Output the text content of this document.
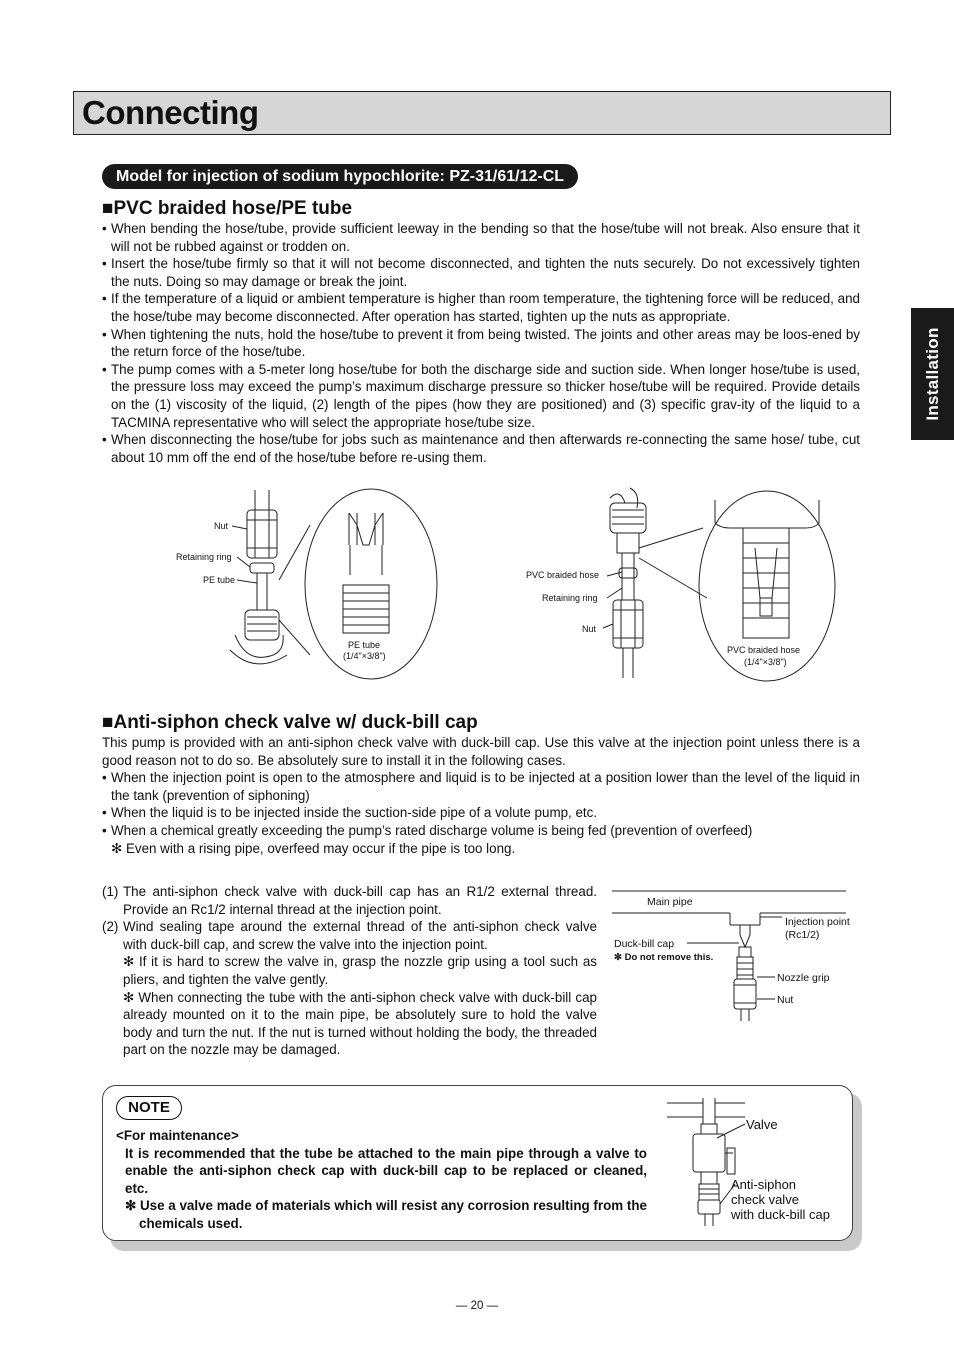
Connecting
Model for injection of sodium hypochlorite: PZ-31/61/12-CL
Installation
■PVC braided hose/PE tube
• When bending the hose/tube, provide sufficient leeway in the bending so that the hose/tube will not break. Also ensure that it will not be rubbed against or trodden on.
• Insert the hose/tube firmly so that it will not become disconnected, and tighten the nuts securely. Do not excessively tighten the nuts. Doing so may damage or break the joint.
• If the temperature of a liquid or ambient temperature is higher than room temperature, the tightening force will be reduced, and the hose/tube may become disconnected. After operation has started, tighten up the nuts as appropriate.
• When tightening the nuts, hold the hose/tube to prevent it from being twisted. The joints and other areas may be loos-ened by the return force of the hose/tube.
• The pump comes with a 5-meter long hose/tube for both the discharge side and suction side. When longer hose/tube is used, the pressure loss may exceed the pump’s maximum discharge pressure so thicker hose/tube will be required. Provide details on the (1) viscosity of the liquid, (2) length of the pipes (how they are positioned) and (3) specific grav-ity of the liquid to a TACMINA representative who will select the appropriate hose/tube size.
• When disconnecting the hose/tube for jobs such as maintenance and then afterwards re-connecting the same hose/ tube, cut about 10 mm off the end of the hose/tube before re-using them.
Nut
Retaining ring
PE tube
PE tube
(1/4"×3/8")
PVC braided hose
Retaining ring
Nut
PVC braided hose
(1/4"×3/8")
■Anti-siphon check valve w/ duck-bill cap
This pump is provided with an anti-siphon check valve with duck-bill cap. Use this valve at the injection point unless there is a good reason not to do so. Be absolutely sure to install it in the following cases.
• When the injection point is open to the atmosphere and liquid is to be injected at a position lower than the level of the liquid in the tank (prevention of siphoning)
• When the liquid is to be injected inside the suction-side pipe of a volute pump, etc.
• When a chemical greatly exceeding the pump’s rated discharge volume is being fed (prevention of overfeed)
✻ Even with a rising pipe, overfeed may occur if the pipe is too long.
(1) The anti-siphon check valve with duck-bill cap has an R1/2 external thread. Provide an Rc1/2 internal thread at the injection point.
(2) Wind sealing tape around the external thread of the anti-siphon check valve with duck-bill cap, and screw the valve into the injection point.
✻ If it is hard to screw the valve in, grasp the nozzle grip using a tool such as pliers, and tighten the valve gently.
✻ When connecting the tube with the anti-siphon check valve with duck-bill cap already mounted on it to the main pipe, be absolutely sure to hold the valve body and turn the nut. If the nut is turned without holding the body, the threaded part on the nozzle may be damaged.
Main pipe
Injection point
(Rc1/2)
Duck-bill cap
✻ Do not remove this.
Nozzle grip
Nut
NOTE
<For maintenance>
It is recommended that the tube be attached to the main pipe through a valve to enable the anti-siphon check cap with duck-bill cap to be replaced or cleaned, etc.
✻ Use a valve made of materials which will resist any corrosion resulting from the chemicals used.
Valve
Anti-siphon
check valve
with duck-bill cap
— 20 —
